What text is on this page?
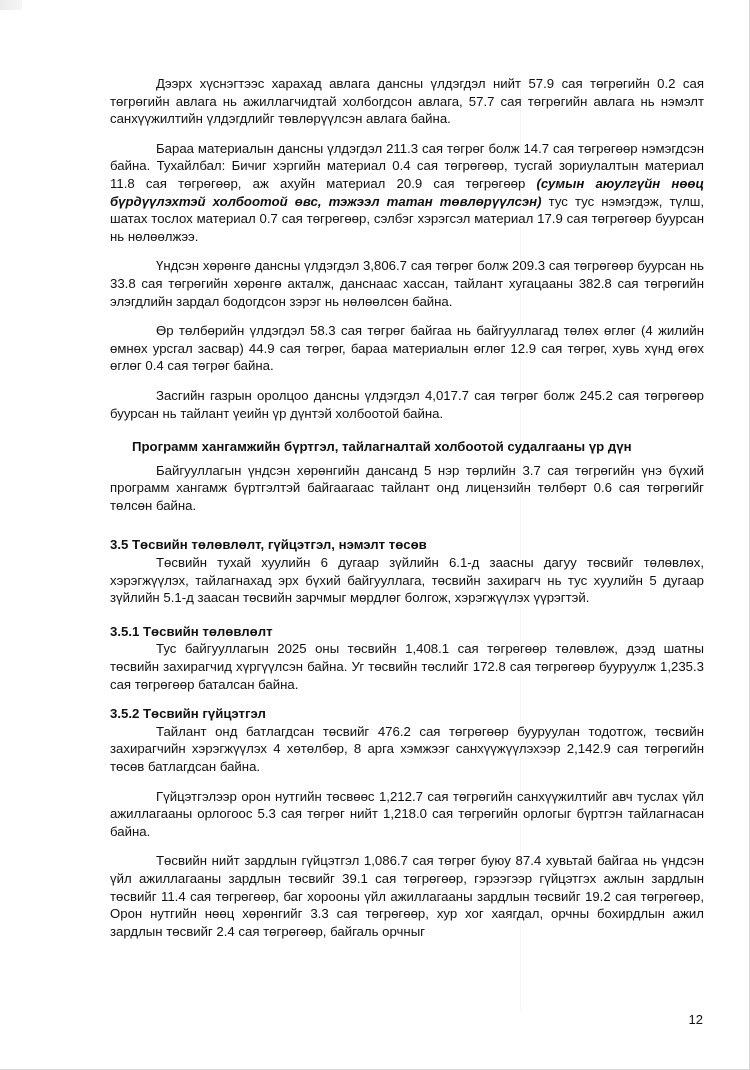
Дээрх хүснэгтээс харахад авлага дансны үлдэгдэл нийт 57.9 сая төгрөгийн 0.2 сая төгрөгийн авлага нь ажиллагчидтай холбогдсон авлага, 57.7 сая төгрөгийн авлага нь нэмэлт санхүүжилтийн үлдэгдлийг төвлөрүүлсэн авлага байна.

Бараа материалын дансны үлдэгдэл 211.3 сая төгрөг болж 14.7 сая төгрөгөөр нэмэгдсэн байна. Тухайлбал: Бичиг хэргийн материал 0.4 сая төгрөгөөр, тусгай зориулалтын материал 11.8 сая төгрөгөөр, аж ахуйн материал 20.9 сая төгрөгөөр (сумын аюулгүйн нөөц бүрдүүлэхтэй холбоотой өвс, тэжээл татан төвлөрүүлсэн) тус тус нэмэгдэж, түлш, шатах тослох материал 0.7 сая төгрөгөөр, сэлбэг хэрэгсэл материал 17.9 сая төгрөгөөр буурсан нь нөлөөлжээ.

Үндсэн хөрөнгө дансны үлдэгдэл 3,806.7 сая төгрөг болж 209.3 сая төгрөгөөр буурсан нь 33.8 сая төгрөгийн хөрөнгө акталж, данснаас хассан, тайлант хугацааны 382.8 сая төгрөгийн элэгдлийн зардал бодогдсон зэрэг нь нөлөөлсөн байна.

Өр төлбөрийн үлдэгдэл 58.3 сая төгрөг байгаа нь байгууллагад төлөх өглөг (4 жилийн өмнөх урсгал засвар) 44.9 сая төгрөг, бараа материалын өглөг 12.9 сая төгрөг, хувь хүнд өгөх өглөг 0.4 сая төгрөг байна.

Засгийн газрын оролцоо дансны үлдэгдэл 4,017.7 сая төгрөг болж 245.2 сая төгрөгөөр буурсан нь тайлант үеийн үр дүнтэй холбоотой байна.

Программ хангамжийн бүртгэл, тайлагналтай холбоотой судалгааны үр дүн

Байгууллагын үндсэн хөрөнгийн дансанд 5 нэр төрлийн 3.7 сая төгрөгийн үнэ бүхий программ хангамж бүртгэлтэй байгаагаас тайлант онд лицензийн төлбөрт 0.6 сая төгрөгийг төлсөн байна.

3.5 Төсвийн төлөвлөлт, гүйцэтгэл, нэмэлт төсөв

Төсвийн тухай хуулийн 6 дугаар зүйлийн 6.1-д заасны дагуу төсвийг төлөвлөх, хэрэгжүүлэх, тайлагнахад эрх бүхий байгууллага, төсвийн захирагч нь тус хуулийн 5 дугаар зүйлийн 5.1-д заасан төсвийн зарчмыг мөрдлөг болгож, хэрэгжүүлэх үүрэгтэй.

3.5.1 Төсвийн төлөвлөлт

Тус байгууллагын 2025 оны төсвийн 1,408.1 сая төгрөгөөр төлөвлөж, дээд шатны төсвийн захирагчид хүргүүлсэн байна. Уг төсвийн төслийг 172.8 сая төгрөгөөр бууруулж 1,235.3 сая төгрөгөөр баталсан байна.

3.5.2 Төсвийн гүйцэтгэл

Тайлант онд батлагдсан төсвийг 476.2 сая төгрөгөөр бууруулан тодотгож, төсвийн захирагчийн хэрэгжүүлэх 4 хөтөлбөр, 8 арга хэмжээг санхүүжүүлэхээр 2,142.9 сая төгрөгийн төсөв батлагдсан байна.

Гүйцэтгэлээр орон нутгийн төсвөөс 1,212.7 сая төгрөгийн санхүүжилтийг авч туслах үйл ажиллагааны орлогоос 5.3 сая төгрөг нийт 1,218.0 сая төгрөгийн орлогыг бүртгэн тайлагнасан байна.

Төсвийн нийт зардлын гүйцэтгэл 1,086.7 сая төгрөг буюу 87.4 хувьтай байгаа нь үндсэн үйл ажиллагааны зардлын төсвийг 39.1 сая төгрөгөөр, гэрээгээр гүйцэтгэх ажлын зардлын төсвийг 11.4 сая төгрөгөөр, баг хорооны үйл ажиллагааны зардлын төсвийг 19.2 сая төгрөгөөр, Орон нутгийн нөөц хөрөнгийг 3.3 сая төгрөгөөр, хур хог хаягдал, орчны бохирдлын ажил зардлын төсвийг 2.4 сая төгрөгөөр, байгаль орчныг

12
